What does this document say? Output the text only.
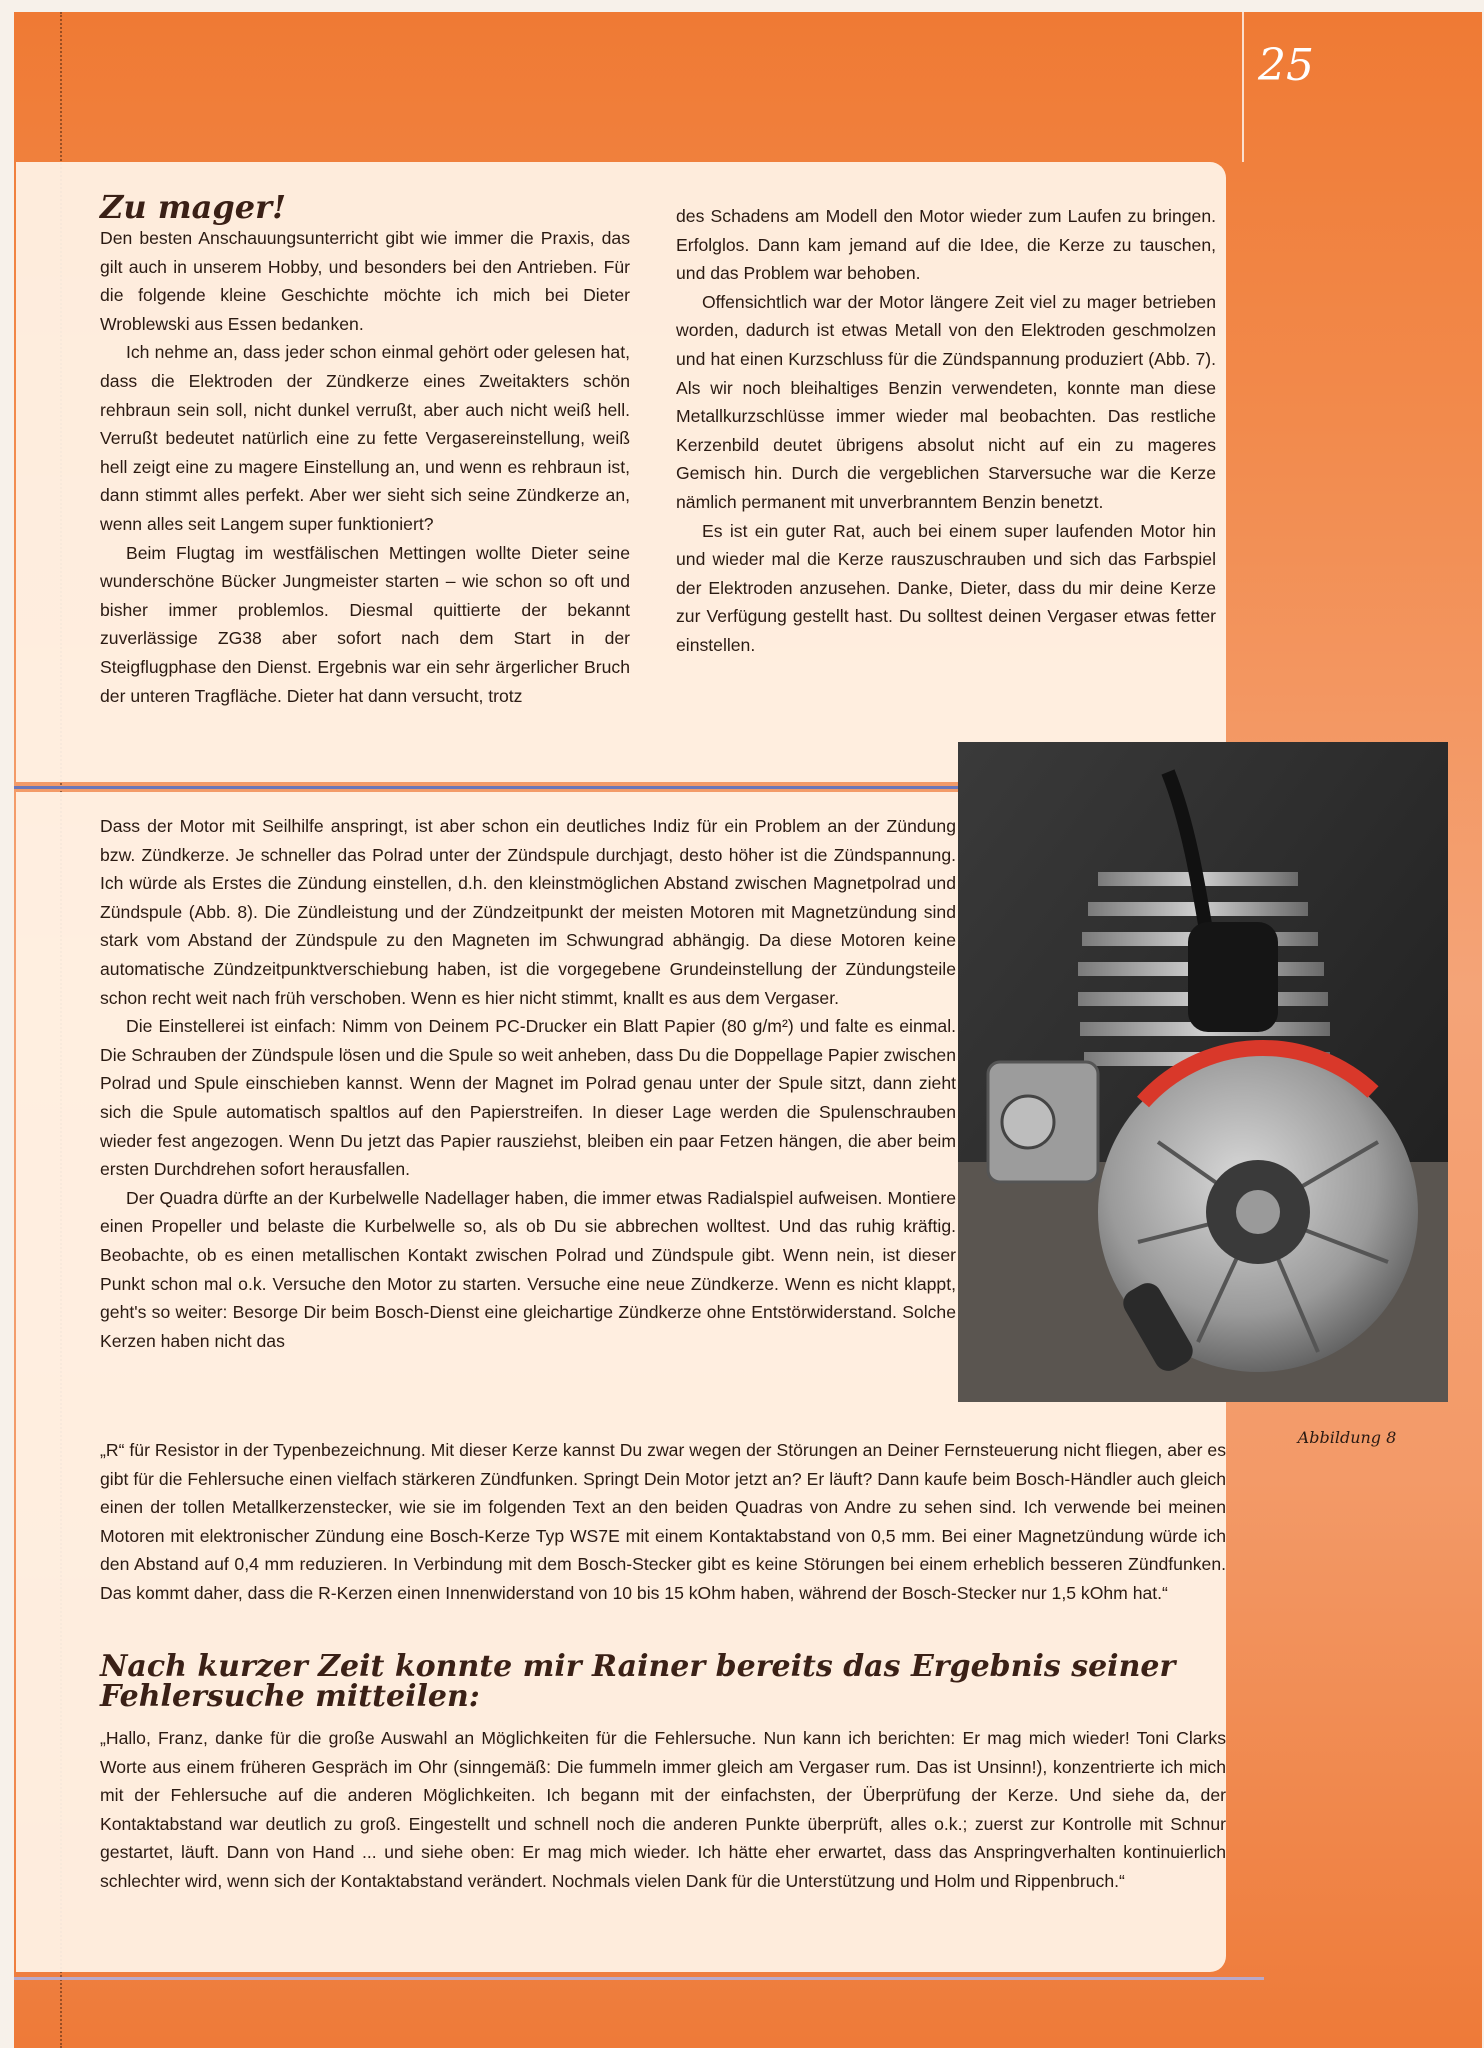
25
Zu mager!

Den besten Anschauungsunterricht gibt wie immer die Praxis, das gilt auch in unserem Hobby, und besonders bei den Antrieben. Für die folgende kleine Geschichte möchte ich mich bei Dieter Wroblewski aus Essen bedanken.

Ich nehme an, dass jeder schon einmal gehört oder gelesen hat, dass die Elektroden der Zündkerze eines Zweitakters schön rehbraun sein soll, nicht dunkel verrußt, aber auch nicht weiß hell. Verrußt bedeutet natürlich eine zu fette Vergasereinstellung, weiß hell zeigt eine zu magere Einstellung an, und wenn es rehbraun ist, dann stimmt alles perfekt. Aber wer sieht sich seine Zündkerze an, wenn alles seit Langem super funktioniert?

Beim Flugtag im westfälischen Mettingen wollte Dieter seine wunderschöne Bücker Jungmeister starten – wie schon so oft und bisher immer problemlos. Diesmal quittierte der bekannt zuverlässige ZG38 aber sofort nach dem Start in der Steigflugphase den Dienst. Ergebnis war ein sehr ärgerlicher Bruch der unteren Tragfläche. Dieter hat dann versucht, trotz

des Schadens am Modell den Motor wieder zum Laufen zu bringen. Erfolglos. Dann kam jemand auf die Idee, die Kerze zu tauschen, und das Problem war behoben.

Offensichtlich war der Motor längere Zeit viel zu mager betrieben worden, dadurch ist etwas Metall von den Elektroden geschmolzen und hat einen Kurzschluss für die Zündspannung produziert (Abb. 7). Als wir noch bleihaltiges Benzin verwendeten, konnte man diese Metallkurzschlüsse immer wieder mal beobachten. Das restliche Kerzenbild deutet übrigens absolut nicht auf ein zu mageres Gemisch hin. Durch die vergeblichen Starversuche war die Kerze nämlich permanent mit unverbranntem Benzin benetzt.

Es ist ein guter Rat, auch bei einem super laufenden Motor hin und wieder mal die Kerze rauszuschrauben und sich das Farbspiel der Elektroden anzusehen. Danke, Dieter, dass du mir deine Kerze zur Verfügung gestellt hast. Du solltest deinen Vergaser etwas fetter einstellen.

Dass der Motor mit Seilhilfe anspringt, ist aber schon ein deutliches Indiz für ein Problem an der Zündung bzw. Zündkerze. Je schneller das Polrad unter der Zündspule durchjagt, desto höher ist die Zündspannung. Ich würde als Erstes die Zündung einstellen, d.h. den kleinstmöglichen Abstand zwischen Magnetpolrad und Zündspule (Abb. 8). Die Zündleistung und der Zündzeitpunkt der meisten Motoren mit Magnetzündung sind stark vom Abstand der Zündspule zu den Magneten im Schwungrad abhängig. Da diese Motoren keine automatische Zündzeitpunktverschiebung haben, ist die vorgegebene Grundeinstellung der Zündungsteile schon recht weit nach früh verschoben. Wenn es hier nicht stimmt, knallt es aus dem Vergaser.

Die Einstellerei ist einfach: Nimm von Deinem PC-Drucker ein Blatt Papier (80 g/m²) und falte es einmal. Die Schrauben der Zündspule lösen und die Spule so weit anheben, dass Du die Doppellage Papier zwischen Polrad und Spule einschieben kannst. Wenn der Magnet im Polrad genau unter der Spule sitzt, dann zieht sich die Spule automatisch spaltlos auf den Papierstreifen. In dieser Lage werden die Spulenschrauben wieder fest angezogen. Wenn Du jetzt das Papier rausziehst, bleiben ein paar Fetzen hängen, die aber beim ersten Durchdrehen sofort herausfallen.

Der Quadra dürfte an der Kurbelwelle Nadellager haben, die immer etwas Radialspiel aufweisen. Montiere einen Propeller und belaste die Kurbelwelle so, als ob Du sie abbrechen wolltest. Und das ruhig kräftig. Beobachte, ob es einen metallischen Kontakt zwischen Polrad und Zündspule gibt. Wenn nein, ist dieser Punkt schon mal o.k. Versuche den Motor zu starten. Versuche eine neue Zündkerze. Wenn es nicht klappt, geht's so weiter: Besorge Dir beim Bosch-Dienst eine gleichartige Zündkerze ohne Entstörwiderstand. Solche Kerzen haben nicht das

„R“ für Resistor in der Typenbezeichnung. Mit dieser Kerze kannst Du zwar wegen der Störungen an Deiner Fernsteuerung nicht fliegen, aber es gibt für die Fehlersuche einen vielfach stärkeren Zündfunken. Springt Dein Motor jetzt an? Er läuft? Dann kaufe beim Bosch-Händler auch gleich einen der tollen Metallkerzenstecker, wie sie im folgenden Text an den beiden Quadras von Andre zu sehen sind. Ich verwende bei meinen Motoren mit elektronischer Zündung eine Bosch-Kerze Typ WS7E mit einem Kontaktabstand von 0,5 mm. Bei einer Magnetzündung würde ich den Abstand auf 0,4 mm reduzieren. In Verbindung mit dem Bosch-Stecker gibt es keine Störungen bei einem erheblich besseren Zündfunken. Das kommt daher, dass die R-Kerzen einen Innenwiderstand von 10 bis 15 kOhm haben, während der Bosch-Stecker nur 1,5 kOhm hat.“

Nach kurzer Zeit konnte mir Rainer bereits das Ergebnis seiner Fehlersuche mitteilen:

„Hallo, Franz, danke für die große Auswahl an Möglichkeiten für die Fehlersuche. Nun kann ich berichten: Er mag mich wieder! Toni Clarks Worte aus einem früheren Gespräch im Ohr (sinngemäß: Die fummeln immer gleich am Vergaser rum. Das ist Unsinn!), konzentrierte ich mich mit der Fehlersuche auf die anderen Möglichkeiten. Ich begann mit der einfachsten, der Überprüfung der Kerze. Und siehe da, der Kontaktabstand war deutlich zu groß. Eingestellt und schnell noch die anderen Punkte überprüft, alles o.k.; zuerst zur Kontrolle mit Schnur gestartet, läuft. Dann von Hand ... und siehe oben: Er mag mich wieder. Ich hätte eher erwartet, dass das Anspringverhalten kontinuierlich schlechter wird, wenn sich der Kontaktabstand verändert. Nochmals vielen Dank für die Unterstützung und Holm und Rippenbruch.“

Abbildung 8
